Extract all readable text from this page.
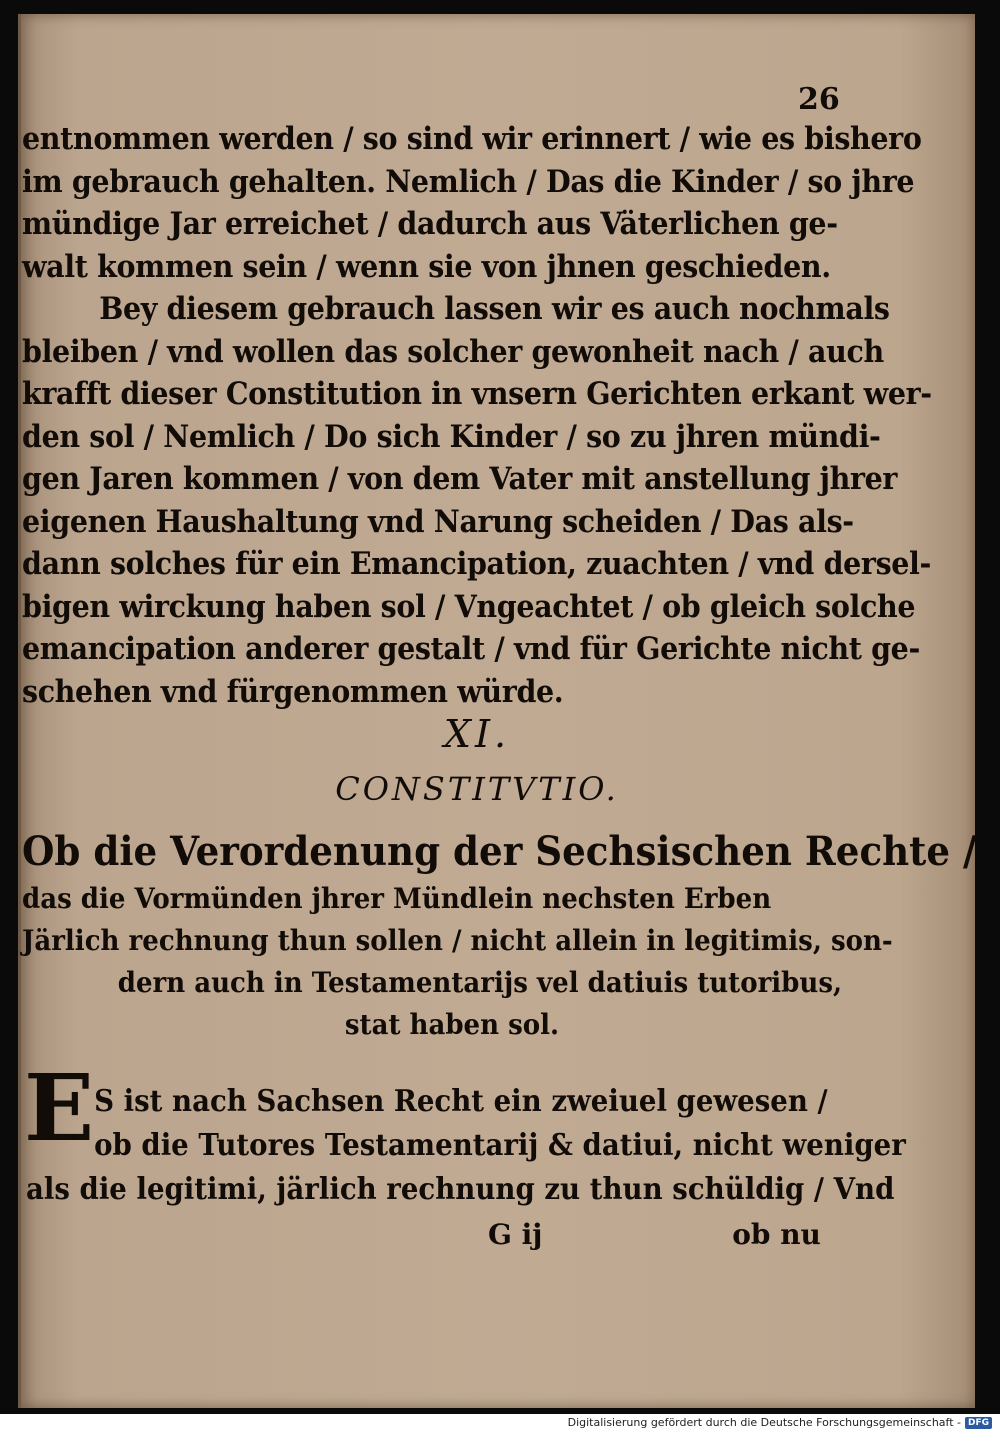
26
entnommen werden / so sind wir erinnert / wie es bishero
im gebrauch gehalten. Nemlich / Das die Kinder / so jhre
mündige Jar erreichet / dadurch aus Väterlichen ge-
walt kommen sein / wenn sie von jhnen geschieden.
Bey diesem gebrauch lassen wir es auch nochmals
bleiben / vnd wollen das solcher gewonheit nach / auch
krafft dieser Constitution in vnsern Gerichten erkant wer-
den sol / Nemlich / Do sich Kinder / so zu jhren mündi-
gen Jaren kommen / von dem Vater mit anstellung jhrer
eigenen Haushaltung vnd Narung scheiden / Das als-
dann solches für ein Emancipation, zuachten / vnd dersel-
bigen wirckung haben sol / Vngeachtet / ob gleich solche
emancipation anderer gestalt / vnd für Gerichte nicht ge-
schehen vnd fürgenommen würde.
XI.
CONSTITVTIO.
Ob die Verordenung der Sechsischen Rechte /
das die Vormünden jhrer Mündlein nechsten Erben
Järlich rechnung thun sollen / nicht allein in legitimis, son-
dern auch in Testamentarijs vel datiuis tutoribus,
stat haben sol.
E S ist nach Sachsen Recht ein zweiuel gewesen /
ob die Tutores Testamentarij & datiui, nicht weniger
als die legitimi, järlich rechnung zu thun schüldig / Vnd
G ij	ob nu
Digitalisierung gefördert durch die Deutsche Forschungsgemeinschaft - DFG
